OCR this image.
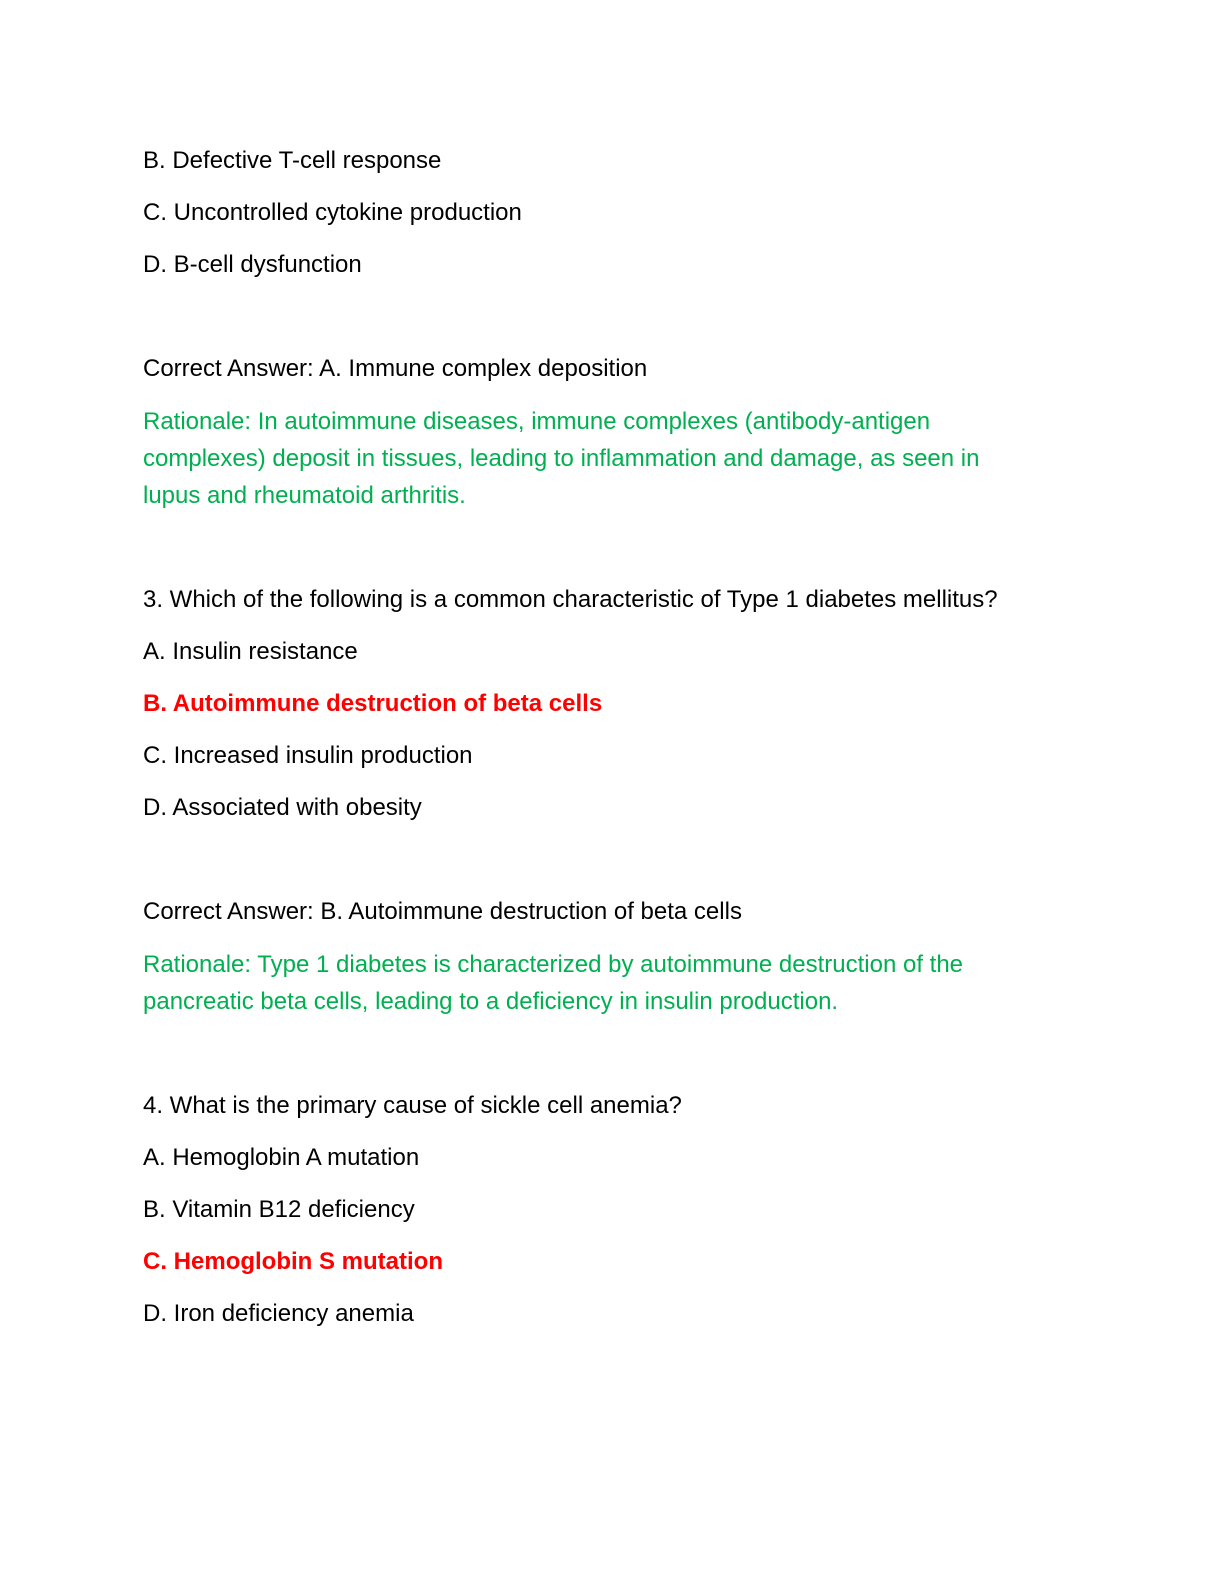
B. Defective T-cell response

C. Uncontrolled cytokine production

D. B-cell dysfunction

Correct Answer: A. Immune complex deposition

Rationale: In autoimmune diseases, immune complexes (antibody-antigen complexes) deposit in tissues, leading to inflammation and damage, as seen in lupus and rheumatoid arthritis.

3. Which of the following is a common characteristic of Type 1 diabetes mellitus?

A. Insulin resistance

B. Autoimmune destruction of beta cells

C. Increased insulin production

D. Associated with obesity

Correct Answer: B. Autoimmune destruction of beta cells

Rationale: Type 1 diabetes is characterized by autoimmune destruction of the pancreatic beta cells, leading to a deficiency in insulin production.

4. What is the primary cause of sickle cell anemia?

A. Hemoglobin A mutation

B. Vitamin B12 deficiency

C. Hemoglobin S mutation

D. Iron deficiency anemia
